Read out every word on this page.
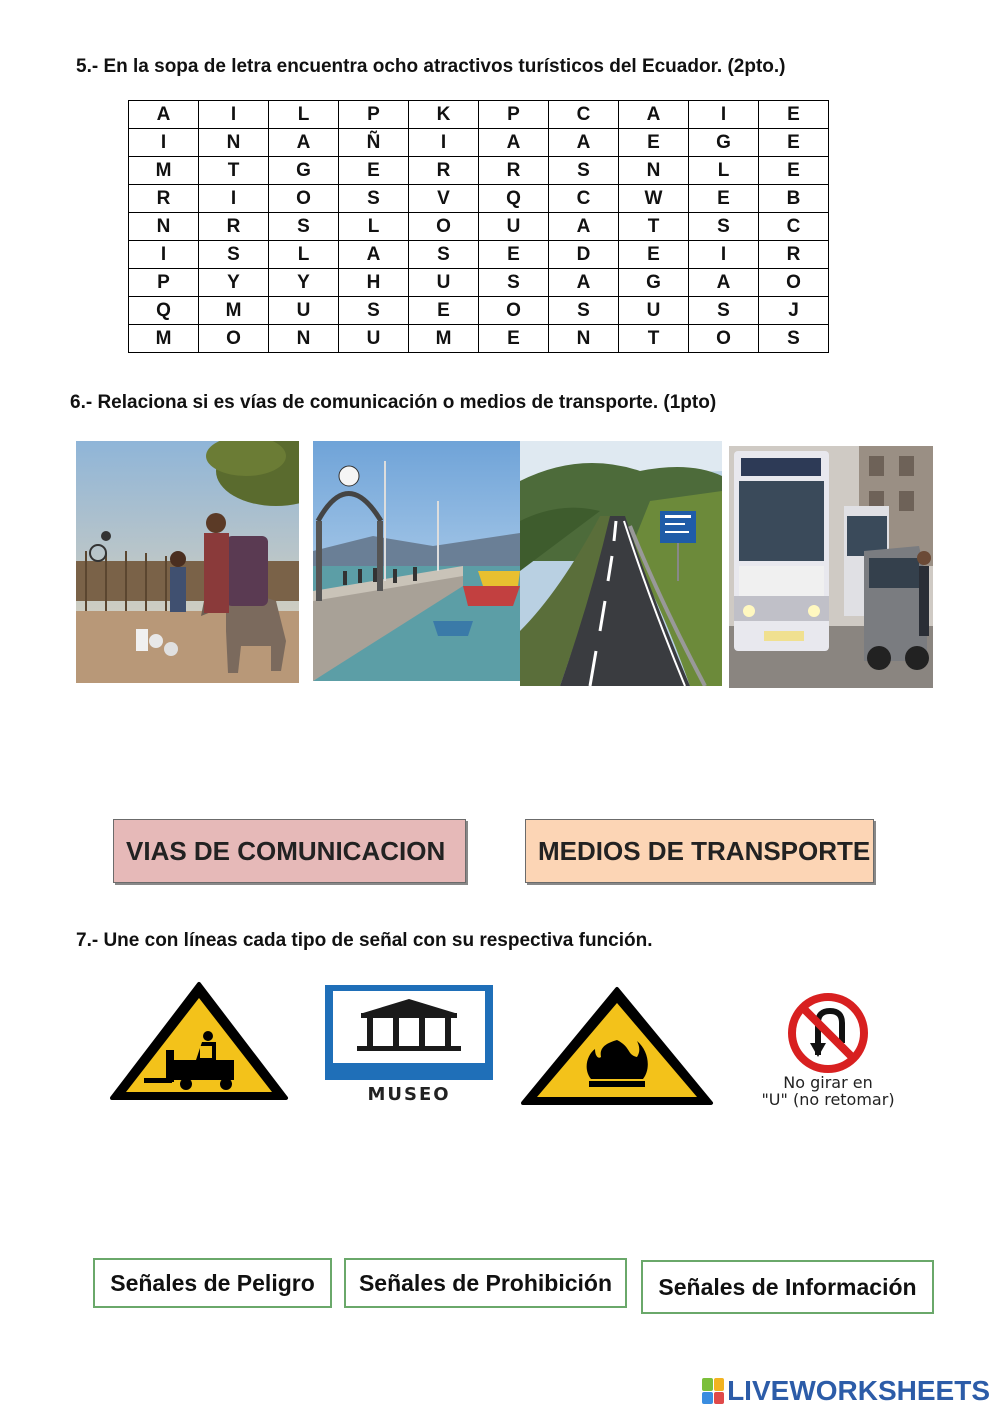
5.- En la sopa de letra encuentra ocho atractivos turísticos del Ecuador. (2pto.)
A	I	L	P	K	P	C	A	I	E
I	N	A	Ñ	I	A	A	E	G	E
M	T	G	E	R	R	S	N	L	E
R	I	O	S	V	Q	C	W	E	B
N	R	S	L	O	U	A	T	S	C
I	S	L	A	S	E	D	E	I	R
P	Y	Y	H	U	S	A	G	A	O
Q	M	U	S	E	O	S	U	S	J
M	O	N	U	M	E	N	T	O	S
6.- Relaciona si es vías de comunicación o medios de transporte. (1pto)
VIAS DE COMUNICACION	MEDIOS DE TRANSPORTE
7.- Une con líneas cada tipo de señal con su respectiva función.
MUSEO
No girar en
"U" (no retomar)
Señales de Peligro	Señales de Prohibición	Señales de Información
LIVEWORKSHEETS
